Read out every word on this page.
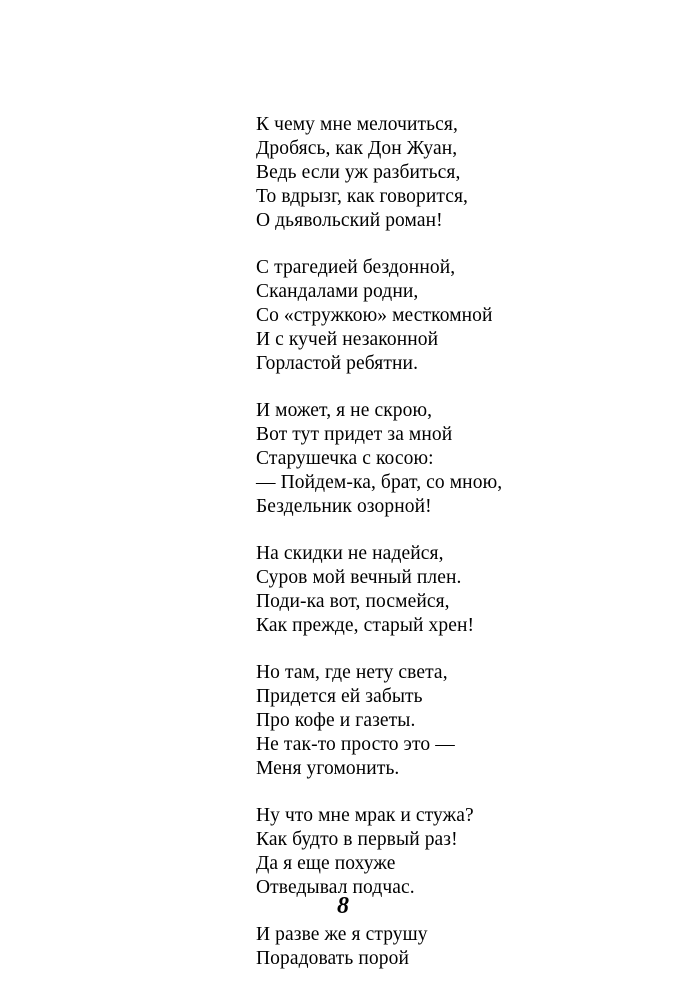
К чему мне мелочиться,
Дробясь, как Дон Жуан,
Ведь если уж разбиться,
То вдрызг, как говорится,
О дьявольский роман!
С трагедией бездонной,
Скандалами родни,
Со «стружкою» месткомной
И с кучей незаконной
Горластой ребятни.
И может, я не скрою,
Вот тут придет за мной
Старушечка с косою:
— Пойдем-ка, брат, со мною,
Бездельник озорной!
На скидки не надейся,
Суров мой вечный плен.
Поди-ка вот, посмейся,
Как прежде, старый хрен!
Но там, где нету света,
Придется ей забыть
Про кофе и газеты.
Не так-то просто это —
Меня угомонить.
Ну что мне мрак и стужа?
Как будто в первый раз!
Да я еще похуже
Отведывал подчас.
И разве же я струшу
Порадовать порой
8
